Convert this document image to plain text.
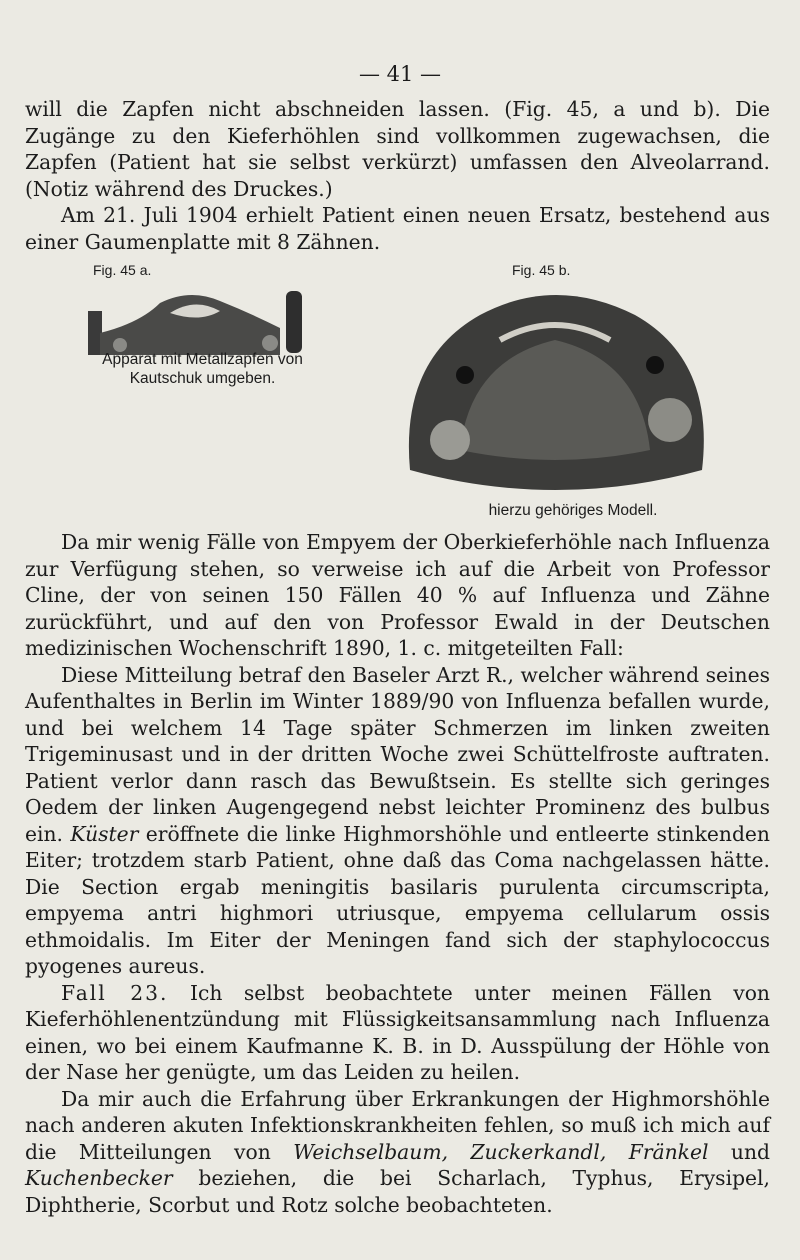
— 41 —

will die Zapfen nicht abschneiden lassen. (Fig. 45, a und b). Die Zugänge zu den Kieferhöhlen sind vollkommen zugewachsen, die Zapfen (Patient hat sie selbst verkürzt) umfassen den Alveolarrand. (Notiz während des Druckes.)

Am 21. Juli 1904 erhielt Patient einen neuen Ersatz, bestehend aus einer Gaumenplatte mit 8 Zähnen.

Fig. 45 a.	Fig. 45 b.
Apparat mit Metallzapfen von Kautschuk umgeben.
hierzu gehöriges Modell.

Da mir wenig Fälle von Empyem der Oberkieferhöhle nach Influenza zur Verfügung stehen, so verweise ich auf die Arbeit von Professor Cline, der von seinen 150 Fällen 40 % auf Influenza und Zähne zurückführt, und auf den von Professor Ewald in der Deutschen medizinischen Wochenschrift 1890, 1. c. mitgeteilten Fall:

Diese Mitteilung betraf den Baseler Arzt R., welcher während seines Aufenthaltes in Berlin im Winter 1889/90 von Influenza befallen wurde, und bei welchem 14 Tage später Schmerzen im linken zweiten Trigeminusast und in der dritten Woche zwei Schüttelfroste auftraten. Patient verlor dann rasch das Bewußtsein. Es stellte sich geringes Oedem der linken Augengegend nebst leichter Prominenz des bulbus ein. Küster eröffnete die linke Highmorshöhle und entleerte stinkenden Eiter; trotzdem starb Patient, ohne daß das Coma nachgelassen hätte. Die Section ergab meningitis basilaris purulenta circumscripta, empyema antri highmori utriusque, empyema cellularum ossis ethmoidalis. Im Eiter der Meningen fand sich der staphylococcus pyogenes aureus.

Fall 23. Ich selbst beobachtete unter meinen Fällen von Kieferhöhlenentzündung mit Flüssigkeitsansammlung nach Influenza einen, wo bei einem Kaufmanne K. B. in D. Ausspülung der Höhle von der Nase her genügte, um das Leiden zu heilen.

Da mir auch die Erfahrung über Erkrankungen der Highmorshöhle nach anderen akuten Infektionskrankheiten fehlen, so muß ich mich auf die Mitteilungen von Weichselbaum, Zuckerkandl, Fränkel und Kuchenbecker beziehen, die bei Scharlach, Typhus, Erysipel, Diphtherie, Scorbut und Rotz solche beobachteten.
